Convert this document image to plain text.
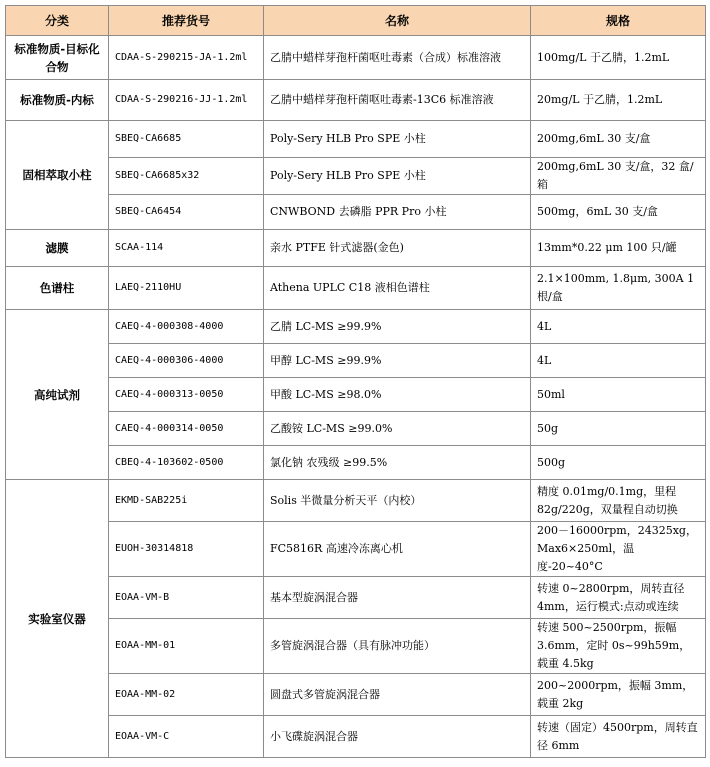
分类	推荐货号	名称	规格
标准物质-目标化合物	CDAA-S-290215-JA-1.2ml	乙腈中蜡样芽孢杆菌呕吐毒素（合成）标准溶液	100mg/L 于乙腈，1.2mL
标准物质-内标	CDAA-S-290216-JJ-1.2ml	乙腈中蜡样芽孢杆菌呕吐毒素-13C6 标准溶液	20mg/L 于乙腈，1.2mL
固相萃取小柱	SBEQ-CA6685	Poly-Sery HLB Pro SPE 小柱	200mg,6mL 30 支/盒
	SBEQ-CA6685x32	Poly-Sery HLB Pro SPE 小柱	200mg,6mL 30 支/盒，32 盒/箱
	SBEQ-CA6454	CNWBOND 去磷脂 PPR Pro 小柱	500mg，6mL 30 支/盒
滤膜	SCAA-114	亲水 PTFE 针式滤器(金色)	13mm*0.22 μm 100 只/罐
色谱柱	LAEQ-2110HU	Athena UPLC C18 液相色谱柱	2.1×100mm, 1.8μm, 300A 1 根/盒
高纯试剂	CAEQ-4-000308-4000	乙腈 LC-MS ≥99.9%	4L
	CAEQ-4-000306-4000	甲醇 LC-MS ≥99.9%	4L
	CAEQ-4-000313-0050	甲酸 LC-MS ≥98.0%	50ml
	CAEQ-4-000314-0050	乙酸铵 LC-MS ≥99.0%	50g
	CBEQ-4-103602-0500	氯化钠 农残级 ≥99.5%	500g
实验室仪器	EKMD-SAB225i	Solis 半微量分析天平（内校）	精度 0.01mg/0.1mg，里程 82g/220g，双量程自动切换
	EUOH-30314818	FC5816R 高速冷冻离心机	200－16000rpm，24325xg，Max6×250ml，温度-20~40°C
	EOAA-VM-B	基本型旋涡混合器	转速 0~2800rpm，周转直径 4mm，运行模式:点动或连续
	EOAA-MM-01	多管旋涡混合器（具有脉冲功能）	转速 500~2500rpm，振幅 3.6mm，定时 0s~99h59m，载重 4.5kg
	EOAA-MM-02	圆盘式多管旋涡混合器	200~2000rpm，振幅 3mm，载重 2kg
	EOAA-VM-C	小飞碟旋涡混合器	转速（固定）4500rpm，周转直径 6mm
